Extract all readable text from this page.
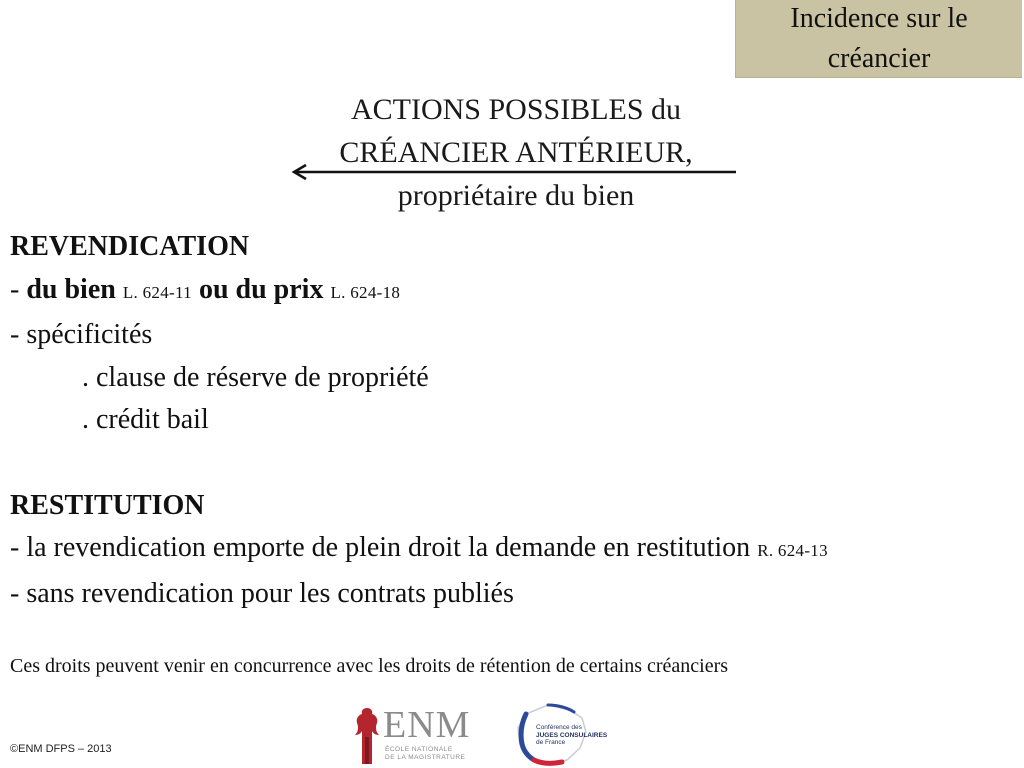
Incidence sur le
créancier
ACTIONS POSSIBLES du
CRÉANCIER ANTÉRIEUR,
propriétaire du bien
REVENDICATION
- du bien L. 624-11 ou du prix L. 624-18
- spécificités
. clause de réserve de propriété
. crédit bail
RESTITUTION
- la revendication emporte de plein droit la demande en restitution R. 624-13
- sans revendication pour les contrats publiés
Ces droits peuvent venir en concurrence avec les droits de rétention de certains créanciers
©ENM DFPS – 2013
ENM
ÉCOLE NATIONALE
DE LA MAGISTRATURE
Conférence des
JUGES CONSULAIRES
de France
